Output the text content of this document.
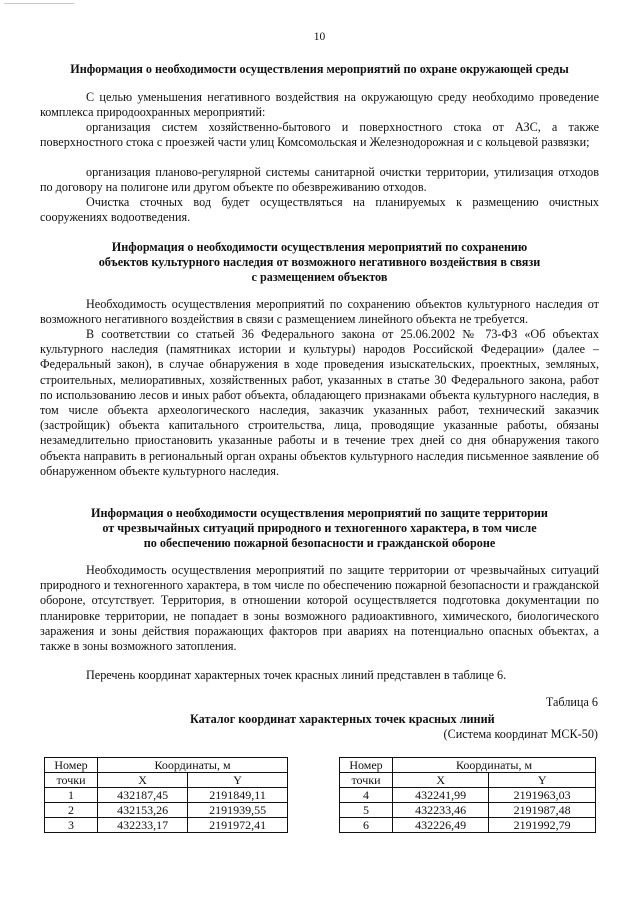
10
Информация о необходимости осуществления мероприятий по охране окружающей среды
С целью уменьшения негативного воздействия на окружающую среду необходимо проведение комплекса природоохранных мероприятий:
организация систем хозяйственно-бытового и поверхностного стока от АЗС, а также поверхностного стока с проезжей части улиц Комсомольская и Железнодорожная и с кольцевой развязки;
организация планово-регулярной системы санитарной очистки территории, утилизация отходов по договору на полигоне или другом объекте по обезвреживанию отходов.
Очистка сточных вод будет осуществляться на планируемых к размещению очистных сооружениях водоотведения.
Информация о необходимости осуществления мероприятий по сохранению
объектов культурного наследия от возможного негативного воздействия в связи
с размещением объектов
Необходимость осуществления мероприятий по сохранению объектов культурного наследия от возможного негативного воздействия в связи с размещением линейного объекта не требуется.
В соответствии со статьей 36 Федерального закона от 25.06.2002 № 73-ФЗ «Об объектах культурного наследия (памятниках истории и культуры) народов Российской Федерации» (далее – Федеральный закон), в случае обнаружения в ходе проведения изыскательских, проектных, земляных, строительных, мелиоративных, хозяйственных работ, указанных в статье 30 Федерального закона, работ по использованию лесов и иных работ объекта, обладающего признаками объекта культурного наследия, в том числе объекта археологического наследия, заказчик указанных работ, технический заказчик (застройщик) объекта капитального строительства, лица, проводящие указанные работы, обязаны незамедлительно приостановить указанные работы и в течение трех дней со дня обнаружения такого объекта направить в региональный орган охраны объектов культурного наследия письменное заявление об обнаруженном объекте культурного наследия.
Информация о необходимости осуществления мероприятий по защите территории
от чрезвычайных ситуаций природного и техногенного характера, в том числе
по обеспечению пожарной безопасности и гражданской обороне
Необходимость осуществления мероприятий по защите территории от чрезвычайных ситуаций природного и техногенного характера, в том числе по обеспечению пожарной безопасности и гражданской обороне, отсутствует. Территория, в отношении которой осуществляется подготовка документации по планировке территории, не попадает в зоны возможного радиоактивного, химического, биологического заражения и зоны действия поражающих факторов при авариях на потенциально опасных объектах, а также в зоны возможного затопления.
Перечень координат характерных точек красных линий представлен в таблице 6.
Таблица 6
Каталог координат характерных точек красных линий
(Система координат МСК-50)
Номер	Координаты, м	
точки	X	Y
1	432187,45	2191849,11
2	432153,26	2191939,55
3	432233,17	2191972,41
Номер	Координаты, м	
точки	X	Y
4	432241,99	2191963,03
5	432233,46	2191987,48
6	432226,49	2191992,79
